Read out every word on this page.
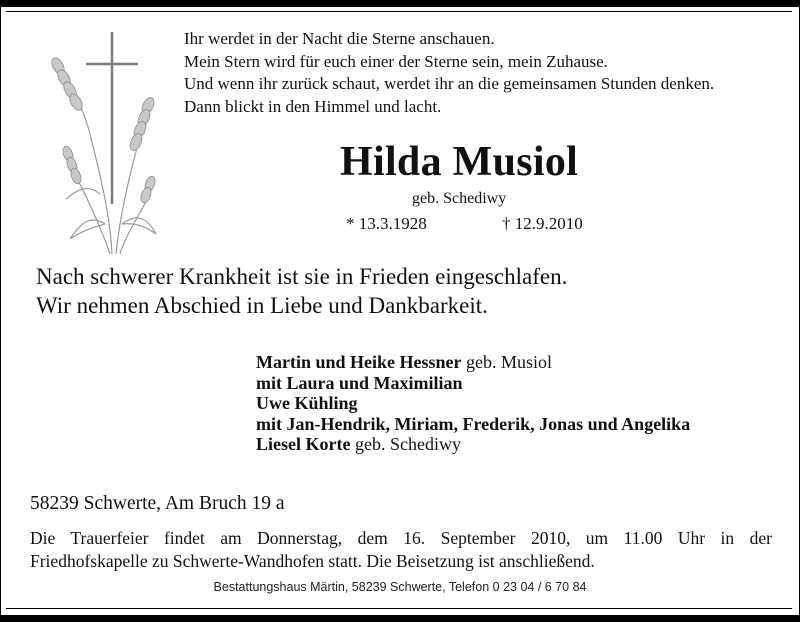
Ihr werdet in der Nacht die Sterne anschauen.
Mein Stern wird für euch einer der Sterne sein, mein Zuhause.
Und wenn ihr zurück schaut, werdet ihr an die gemeinsamen Stunden denken.
Dann blickt in den Himmel und lacht.
Hilda Musiol
geb. Schediwy
* 13.3.1928	† 12.9.2010
Nach schwerer Krankheit ist sie in Frieden eingeschlafen.
Wir nehmen Abschied in Liebe und Dankbarkeit.
Martin und Heike Hessner geb. Musiol
mit Laura und Maximilian
Uwe Kühling
mit Jan-Hendrik, Miriam, Frederik, Jonas und Angelika
Liesel Korte geb. Schediwy
58239 Schwerte, Am Bruch 19 a
Die Trauerfeier findet am Donnerstag, dem 16. September 2010, um 11.00 Uhr in der
Friedhofskapelle zu Schwerte-Wandhofen statt. Die Beisetzung ist anschließend.
Bestattungshaus Märtin, 58239 Schwerte, Telefon 0 23 04 / 6 70 84
